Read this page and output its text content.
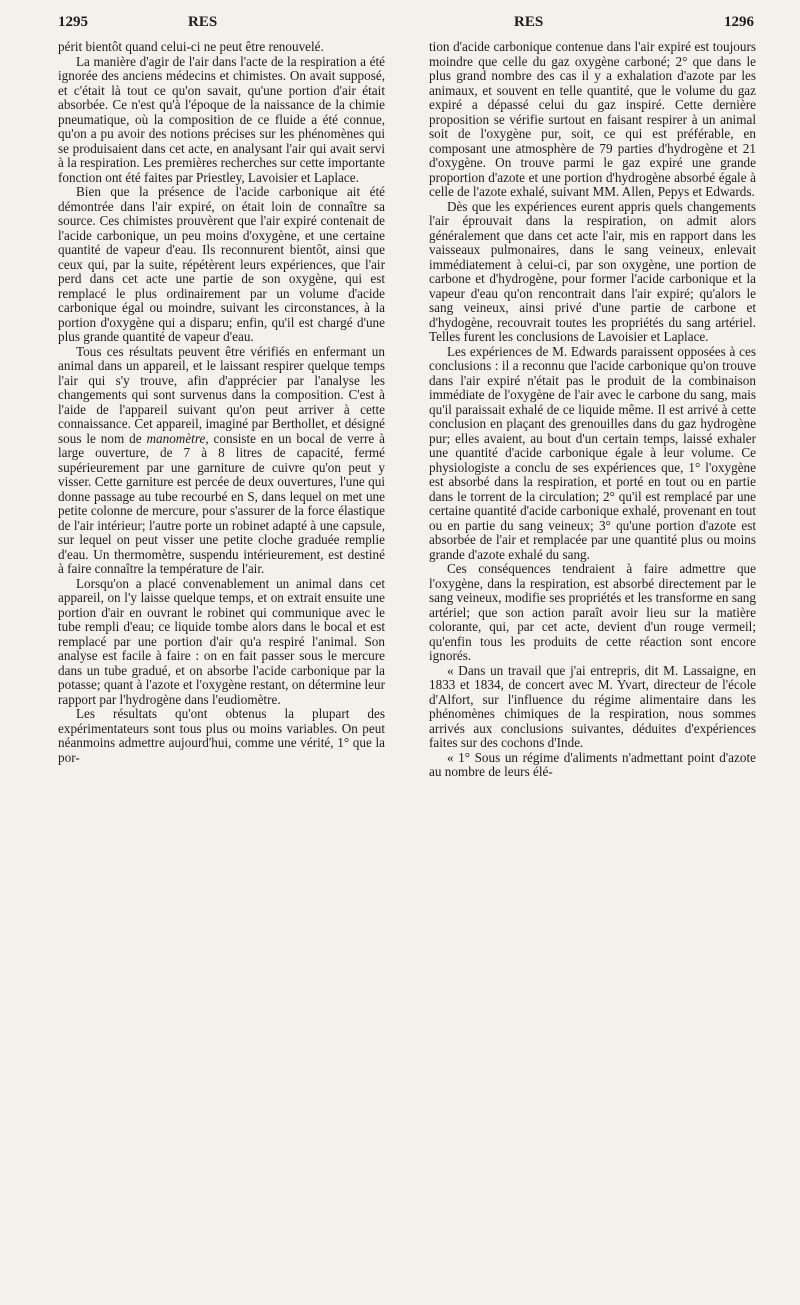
1295	RES	RES	1296

périt bientôt quand celui-ci ne peut être renouvelé.

La manière d'agir de l'air dans l'acte de la respiration a été ignorée des anciens médecins et chimistes. On avait supposé, et c'était là tout ce qu'on savait, qu'une portion d'air était absorbée. Ce n'est qu'à l'époque de la naissance de la chimie pneumatique, où la composition de ce fluide a été connue, qu'on a pu avoir des notions précises sur les phénomènes qui se produisaient dans cet acte, en analysant l'air qui avait servi à la respiration. Les premières recherches sur cette importante fonction ont été faites par Priestley, Lavoisier et Laplace.

Bien que la présence de l'acide carbonique ait été démontrée dans l'air expiré, on était loin de connaître sa source. Ces chimistes prouvèrent que l'air expiré contenait de l'acide carbonique, un peu moins d'oxygène, et une certaine quantité de vapeur d'eau. Ils reconnurent bientôt, ainsi que ceux qui, par la suite, répétèrent leurs expériences, que l'air perd dans cet acte une partie de son oxygène, qui est remplacé le plus ordinairement par un volume d'acide carbonique égal ou moindre, suivant les circonstances, à la portion d'oxygène qui a disparu; enfin, qu'il est chargé d'une plus grande quantité de vapeur d'eau.

Tous ces résultats peuvent être vérifiés en enfermant un animal dans un appareil, et le laissant respirer quelque temps l'air qui s'y trouve, afin d'apprécier par l'analyse les changements qui sont survenus dans la composition. C'est à l'aide de l'appareil suivant qu'on peut arriver à cette connaissance. Cet appareil, imaginé par Berthollet, et désigné sous le nom de manomètre, consiste en un bocal de verre à large ouverture, de 7 à 8 litres de capacité, fermé supérieurement par une garniture de cuivre qu'on peut y visser. Cette garniture est percée de deux ouvertures, l'une qui donne passage au tube recourbé en S, dans lequel on met une petite colonne de mercure, pour s'assurer de la force élastique de l'air intérieur; l'autre porte un robinet adapté à une capsule, sur lequel on peut visser une petite cloche graduée remplie d'eau. Un thermomètre, suspendu intérieurement, est destiné à faire connaître la température de l'air.

Lorsqu'on a placé convenablement un animal dans cet appareil, on l'y laisse quelque temps, et on extrait ensuite une portion d'air en ouvrant le robinet qui communique avec le tube rempli d'eau; ce liquide tombe alors dans le bocal et est remplacé par une portion d'air qu'a respiré l'animal. Son analyse est facile à faire : on en fait passer sous le mercure dans un tube gradué, et on absorbe l'acide carbonique par la potasse; quant à l'azote et l'oxygène restant, on détermine leur rapport par l'hydrogène dans l'eudiomètre.

Les résultats qu'ont obtenus la plupart des expérimentateurs sont tous plus ou moins variables. On peut néanmoins admettre aujourd'hui, comme une vérité, 1° que la por-

tion d'acide carbonique contenue dans l'air expiré est toujours moindre que celle du gaz oxygène carboné; 2° que dans le plus grand nombre des cas il y a exhalation d'azote par les animaux, et souvent en telle quantité, que le volume du gaz expiré a dépassé celui du gaz inspiré. Cette dernière proposition se vérifie surtout en faisant respirer à un animal soit de l'oxygène pur, soit, ce qui est préférable, en composant une atmosphère de 79 parties d'hydrogène et 21 d'oxygène. On trouve parmi le gaz expiré une grande proportion d'azote et une portion d'hydrogène absorbé égale à celle de l'azote exhalé, suivant MM. Allen, Pepys et Edwards.

Dès que les expériences eurent appris quels changements l'air éprouvait dans la respiration, on admit alors généralement que dans cet acte l'air, mis en rapport dans les vaisseaux pulmonaires, dans le sang veineux, enlevait immédiatement à celui-ci, par son oxygène, une portion de carbone et d'hydrogène, pour former l'acide carbonique et la vapeur d'eau qu'on rencontrait dans l'air expiré; qu'alors le sang veineux, ainsi privé d'une partie de carbone et d'hydogène, recouvrait toutes les propriétés du sang artériel. Telles furent les conclusions de Lavoisier et Laplace.

Les expériences de M. Edwards paraissent opposées à ces conclusions : il a reconnu que l'acide carbonique qu'on trouve dans l'air expiré n'était pas le produit de la combinaison immédiate de l'oxygène de l'air avec le carbone du sang, mais qu'il paraissait exhalé de ce liquide même. Il est arrivé à cette conclusion en plaçant des grenouilles dans du gaz hydrogène pur; elles avaient, au bout d'un certain temps, laissé exhaler une quantité d'acide carbonique égale à leur volume. Ce physiologiste a conclu de ses expériences que, 1° l'oxygène est absorbé dans la respiration, et porté en tout ou en partie dans le torrent de la circulation; 2° qu'il est remplacé par une certaine quantité d'acide carbonique exhalé, provenant en tout ou en partie du sang veineux; 3° qu'une portion d'azote est absorbée de l'air et remplacée par une quantité plus ou moins grande d'azote exhalé du sang.

Ces conséquences tendraient à faire admettre que l'oxygène, dans la respiration, est absorbé directement par le sang veineux, modifie ses propriétés et les transforme en sang artériel; que son action paraît avoir lieu sur la matière colorante, qui, par cet acte, devient d'un rouge vermeil; qu'enfin tous les produits de cette réaction sont encore ignorés.

« Dans un travail que j'ai entrepris, dit M. Lassaigne, en 1833 et 1834, de concert avec M. Yvart, directeur de l'école d'Alfort, sur l'influence du régime alimentaire dans les phénomènes chimiques de la respiration, nous sommes arrivés aux conclusions suivantes, déduites d'expériences faites sur des cochons d'Inde.

« 1° Sous un régime d'aliments n'admettant point d'azote au nombre de leurs élé-
